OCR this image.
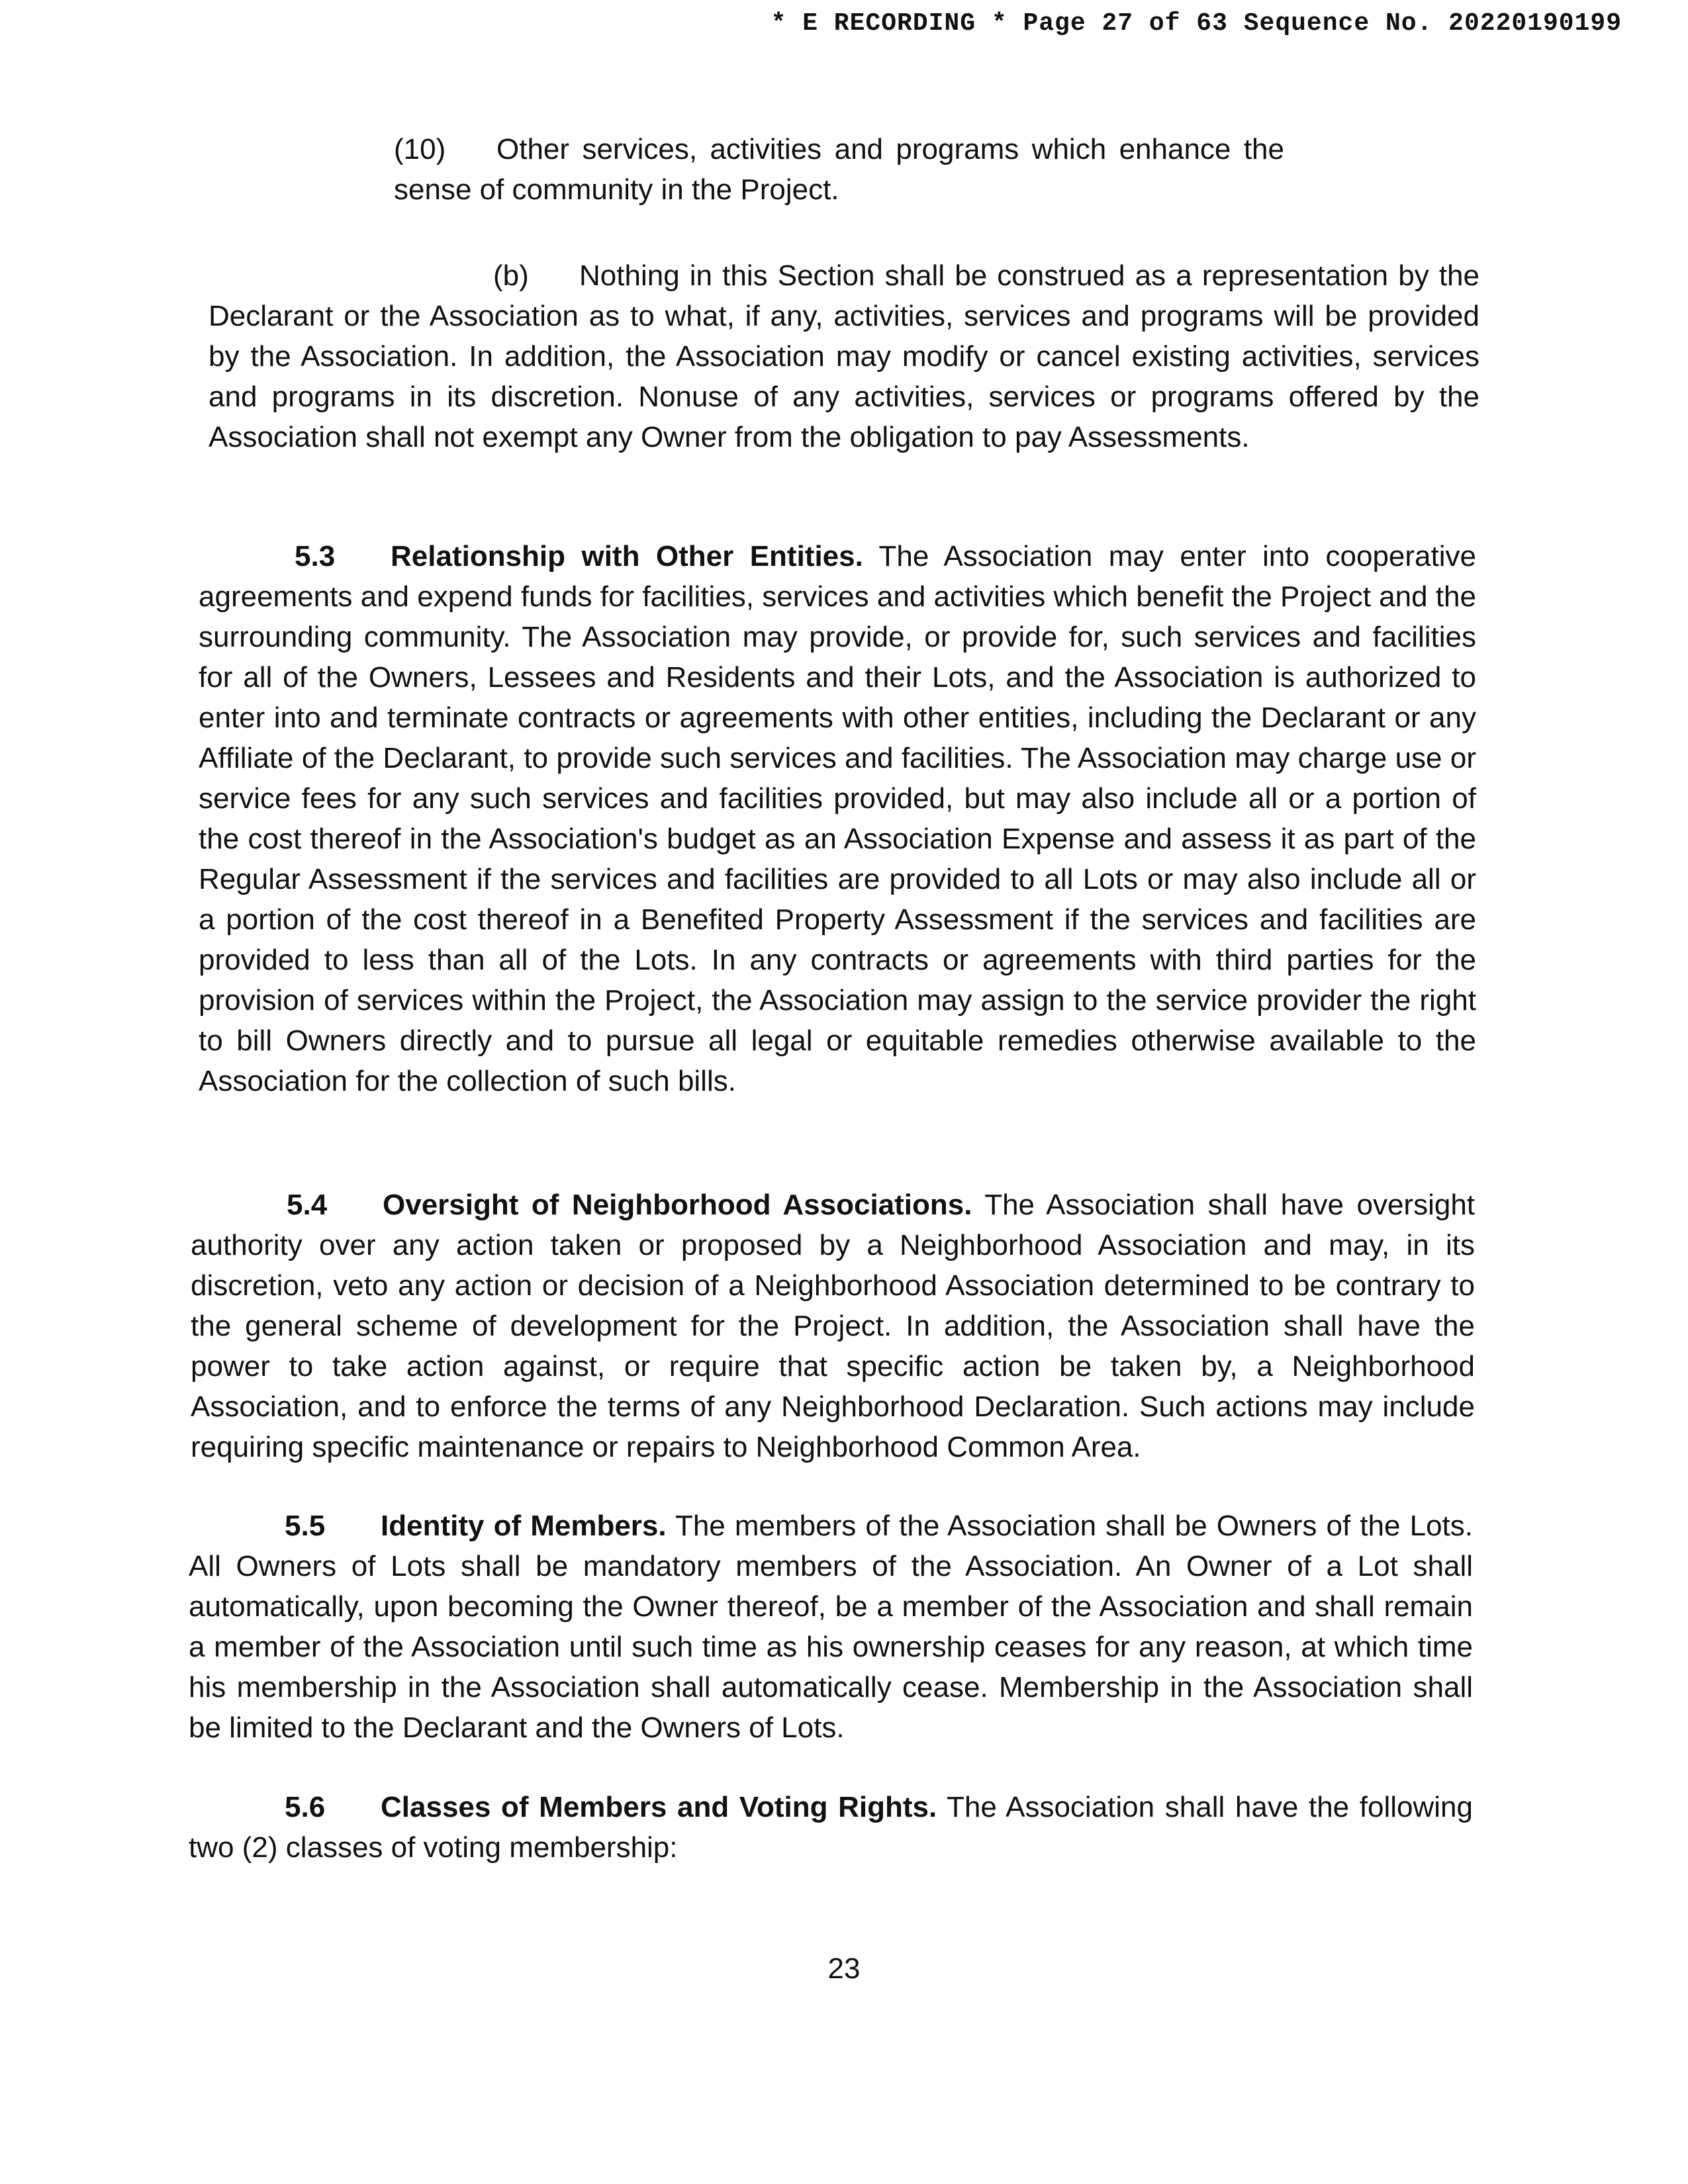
* E RECORDING * Page 27 of 63 Sequence No. 20220190199

(10) Other services, activities and programs which enhance the sense of community in the Project.

(b) Nothing in this Section shall be construed as a representation by the Declarant or the Association as to what, if any, activities, services and programs will be provided by the Association. In addition, the Association may modify or cancel existing activities, services and programs in its discretion. Nonuse of any activities, services or programs offered by the Association shall not exempt any Owner from the obligation to pay Assessments.

5.3 Relationship with Other Entities. The Association may enter into cooperative agreements and expend funds for facilities, services and activities which benefit the Project and the surrounding community. The Association may provide, or provide for, such services and facilities for all of the Owners, Lessees and Residents and their Lots, and the Association is authorized to enter into and terminate contracts or agreements with other entities, including the Declarant or any Affiliate of the Declarant, to provide such services and facilities. The Association may charge use or service fees for any such services and facilities provided, but may also include all or a portion of the cost thereof in the Association's budget as an Association Expense and assess it as part of the Regular Assessment if the services and facilities are provided to all Lots or may also include all or a portion of the cost thereof in a Benefited Property Assessment if the services and facilities are provided to less than all of the Lots. In any contracts or agreements with third parties for the provision of services within the Project, the Association may assign to the service provider the right to bill Owners directly and to pursue all legal or equitable remedies otherwise available to the Association for the collection of such bills.

5.4 Oversight of Neighborhood Associations. The Association shall have oversight authority over any action taken or proposed by a Neighborhood Association and may, in its discretion, veto any action or decision of a Neighborhood Association determined to be contrary to the general scheme of development for the Project. In addition, the Association shall have the power to take action against, or require that specific action be taken by, a Neighborhood Association, and to enforce the terms of any Neighborhood Declaration. Such actions may include requiring specific maintenance or repairs to Neighborhood Common Area.

5.5 Identity of Members. The members of the Association shall be Owners of the Lots. All Owners of Lots shall be mandatory members of the Association. An Owner of a Lot shall automatically, upon becoming the Owner thereof, be a member of the Association and shall remain a member of the Association until such time as his ownership ceases for any reason, at which time his membership in the Association shall automatically cease. Membership in the Association shall be limited to the Declarant and the Owners of Lots.

5.6 Classes of Members and Voting Rights. The Association shall have the following two (2) classes of voting membership:

23
